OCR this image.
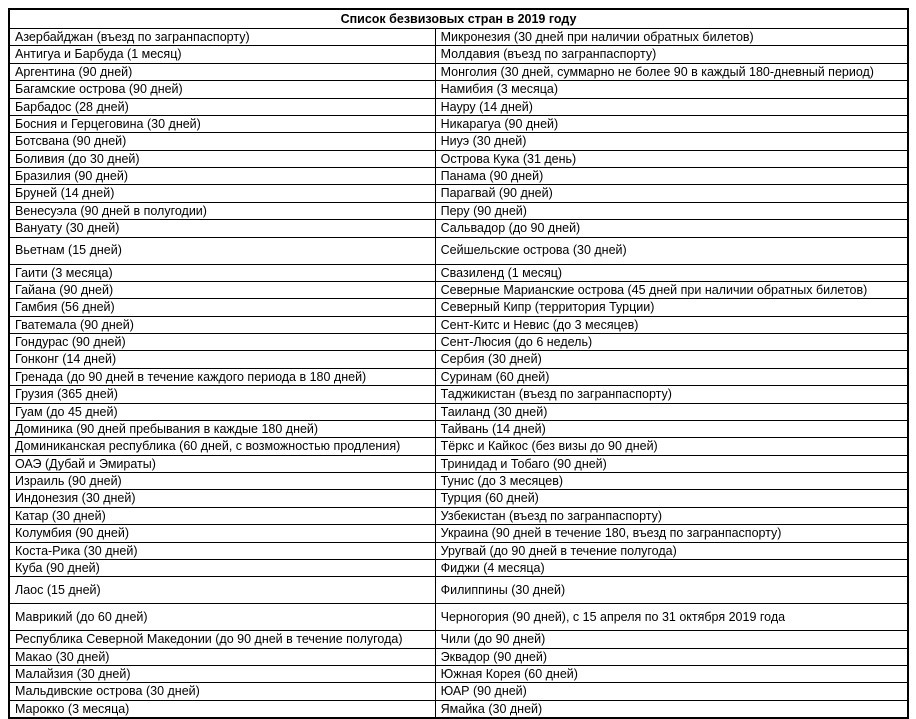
Список безвизовых стран в 2019 году	
Азербайджан (въезд по загранпаспорту)	Микронезия (30 дней при наличии обратных билетов)
Антигуа и Барбуда (1 месяц)	Молдавия (въезд по загранпаспорту)
Аргентина (90 дней)	Монголия (30 дней, суммарно не более 90 в каждый 180-дневный период)
Багамские острова (90 дней)	Намибия (3 месяца)
Барбадос (28 дней)	Науру (14 дней)
Босния и Герцеговина (30 дней)	Никарагуа (90 дней)
Ботсвана (90 дней)	Ниуэ (30 дней)
Боливия (до 30 дней)	Острова Кука (31 день)
Бразилия (90 дней)	Панама (90 дней)
Бруней (14 дней)	Парагвай (90 дней)
Венесуэла (90 дней в полугодии)	Перу (90 дней)
Вануату (30 дней)	Сальвадор (до 90 дней)
Вьетнам (15 дней)	Сейшельские острова (30 дней)
Гаити (3 месяца)	Свазиленд (1 месяц)
Гайана (90 дней)	Северные Марианские острова (45 дней при наличии обратных билетов)
Гамбия (56 дней)	Северный Кипр (территория Турции)
Гватемала (90 дней)	Сент-Китс и Невис (до 3 месяцев)
Гондурас (90 дней)	Сент-Люсия (до 6 недель)
Гонконг (14 дней)	Сербия (30 дней)
Гренада (до 90 дней в течение каждого периода в 180 дней)	Суринам (60 дней)
Грузия (365 дней)	Таджикистан (въезд по загранпаспорту)
Гуам (до 45 дней)	Таиланд (30 дней)
Доминика (90 дней пребывания в каждые 180 дней)	Тайвань (14 дней)
Доминиканская республика (60 дней, с возможностью продления)	Тёркс и Кайкос (без визы до 90 дней)
ОАЭ (Дубай и Эмираты)	Тринидад и Тобаго (90 дней)
Израиль (90 дней)	Тунис (до 3 месяцев)
Индонезия (30 дней)	Турция (60 дней)
Катар (30 дней)	Узбекистан (въезд по загранпаспорту)
Колумбия (90 дней)	Украина (90 дней в течение 180, въезд по загранпаспорту)
Коста-Рика (30 дней)	Уругвай (до 90 дней в течение полугода)
Куба (90 дней)	Фиджи (4 месяца)
Лаос (15 дней)	Филиппины (30 дней)
Маврикий (до 60 дней)	Черногория (90 дней), с 15 апреля по 31 октября 2019 года
Республика Северной Македонии (до 90 дней в течение полугода)	Чили (до 90 дней)
Макао (30 дней)	Эквадор (90 дней)
Малайзия (30 дней)	Южная Корея (60 дней)
Мальдивские острова (30 дней)	ЮАР (90 дней)
Марокко (3 месяца)	Ямайка (30 дней)
